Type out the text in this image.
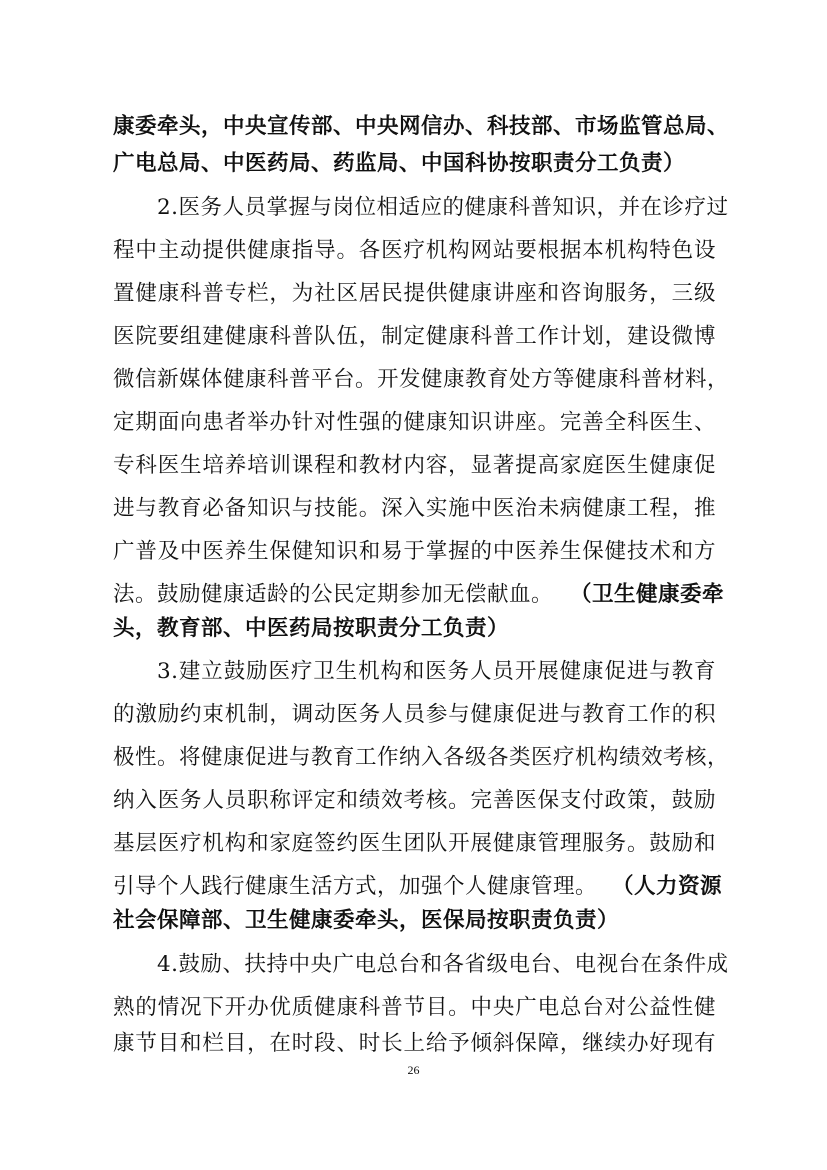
康委牵头，中央宣传部、中央网信办、科技部、市场监管总局、
广电总局、中医药局、药监局、中国科协按职责分工负责）
2.医务人员掌握与岗位相适应的健康科普知识，并在诊疗过
程中主动提供健康指导。各医疗机构网站要根据本机构特色设
置健康科普专栏，为社区居民提供健康讲座和咨询服务，三级
医院要组建健康科普队伍，制定健康科普工作计划，建设微博
微信新媒体健康科普平台。开发健康教育处方等健康科普材料，
定期面向患者举办针对性强的健康知识讲座。完善全科医生、
专科医生培养培训课程和教材内容，显著提高家庭医生健康促
进与教育必备知识与技能。深入实施中医治未病健康工程，推
广普及中医养生保健知识和易于掌握的中医养生保健技术和方
法。鼓励健康适龄的公民定期参加无偿献血。 （卫生健康委牵
头，教育部、中医药局按职责分工负责）
3.建立鼓励医疗卫生机构和医务人员开展健康促进与教育
的激励约束机制，调动医务人员参与健康促进与教育工作的积
极性。将健康促进与教育工作纳入各级各类医疗机构绩效考核，
纳入医务人员职称评定和绩效考核。完善医保支付政策，鼓励
基层医疗机构和家庭签约医生团队开展健康管理服务。鼓励和
引导个人践行健康生活方式，加强个人健康管理。 （人力资源
社会保障部、卫生健康委牵头，医保局按职责负责）
4.鼓励、扶持中央广电总台和各省级电台、电视台在条件成
熟的情况下开办优质健康科普节目。中央广电总台对公益性健
康节目和栏目，在时段、时长上给予倾斜保障，继续办好现有
26
